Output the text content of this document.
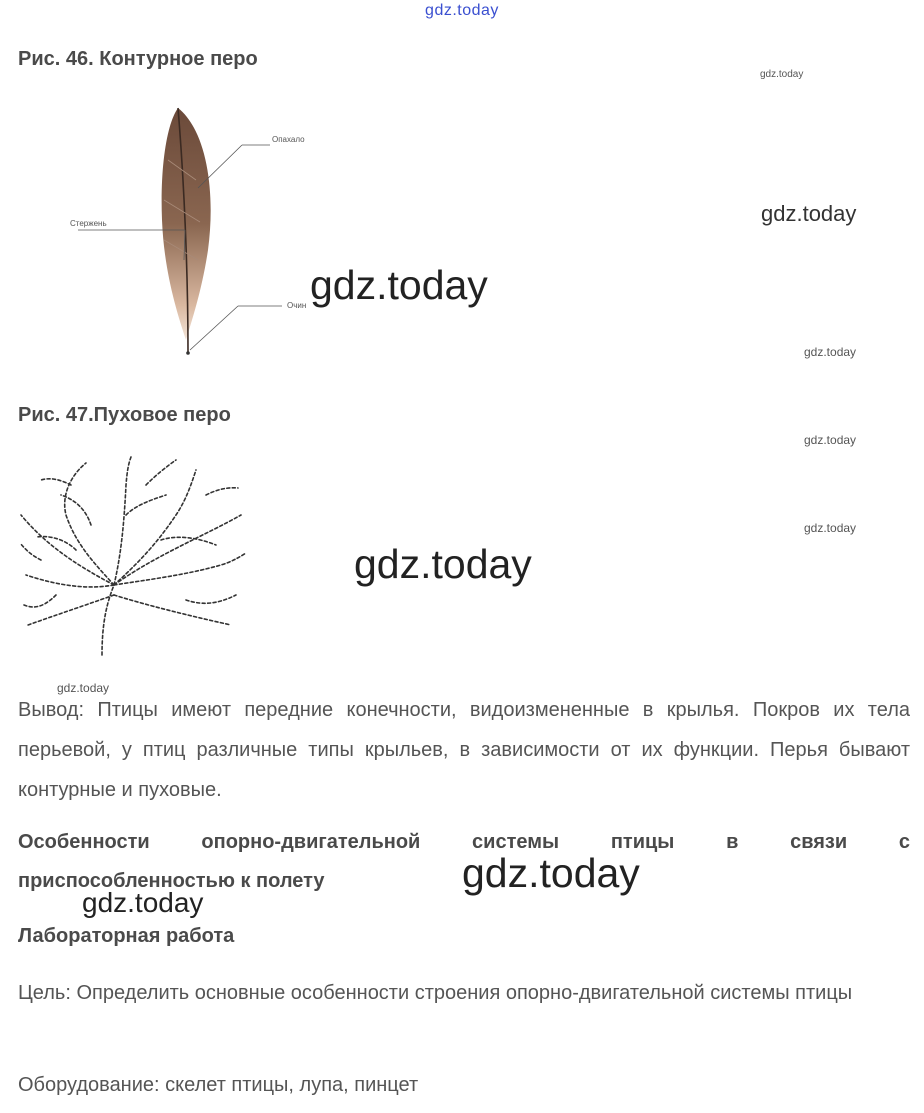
gdz.today
Рис. 46. Контурное перо
Опахало
Стержень
Очин
gdz.today
gdz.today
gdz.today
gdz.today
Рис. 47.Пуховое перо
gdz.today
gdz.today
gdz.today
gdz.today
Вывод: Птицы имеют передние конечности, видоизмененные в крылья. Покров их тела перьевой, у птиц различные типы крыльев, в зависимости от их функции. Перья бывают контурные и пуховые.
Особенности опорно-двигательной системы птицы в связи с
приспособленностью к полету	gdz.today
gdz.today
Лабораторная работа
Цель: Определить основные особенности строения опорно-двигательной системы птицы
Оборудование: скелет птицы, лупа, пинцет
